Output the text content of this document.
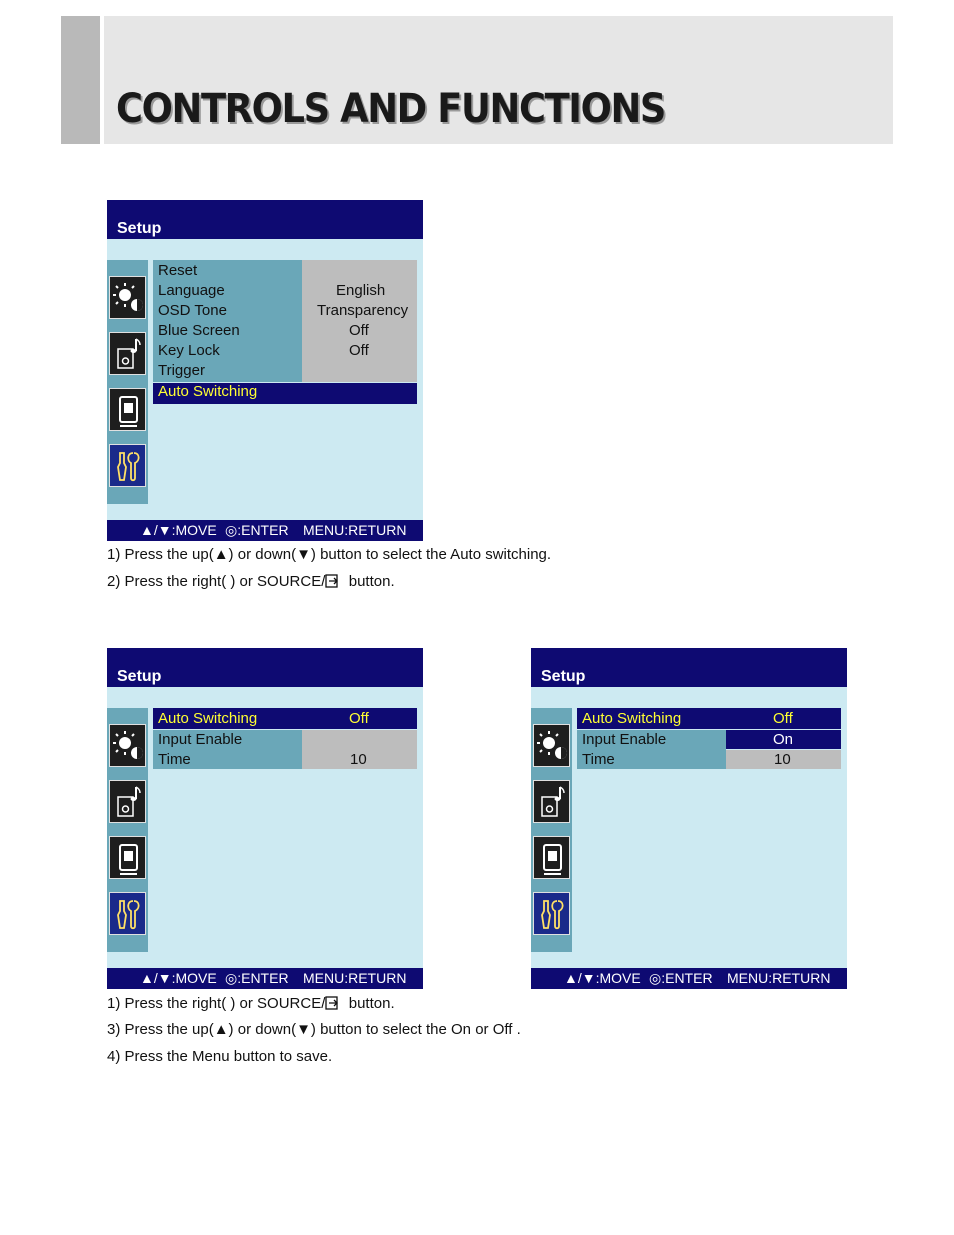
CONTROLS AND FUNCTIONS
Setup
Reset
Language	English
OSD Tone	Transparency
Blue Screen	Off
Key Lock	Off
Trigger
Auto Switching
▲/▼:MOVE ◎:ENTER MENU:RETURN
1) Press the up(▲) or down(▼) button to select the Auto switching.
2) Press the right( ) or SOURCE/ button.
Setup
Auto Switching	Off
Input Enable
Time	10
▲/▼:MOVE ◎:ENTER MENU:RETURN
Setup
Auto Switching	Off
Input Enable	On
Time	10
▲/▼:MOVE ◎:ENTER MENU:RETURN
1) Press the right( ) or SOURCE/ button.
3) Press the up(▲) or down(▼) button to select the On or Off .
4) Press the Menu button to save.
